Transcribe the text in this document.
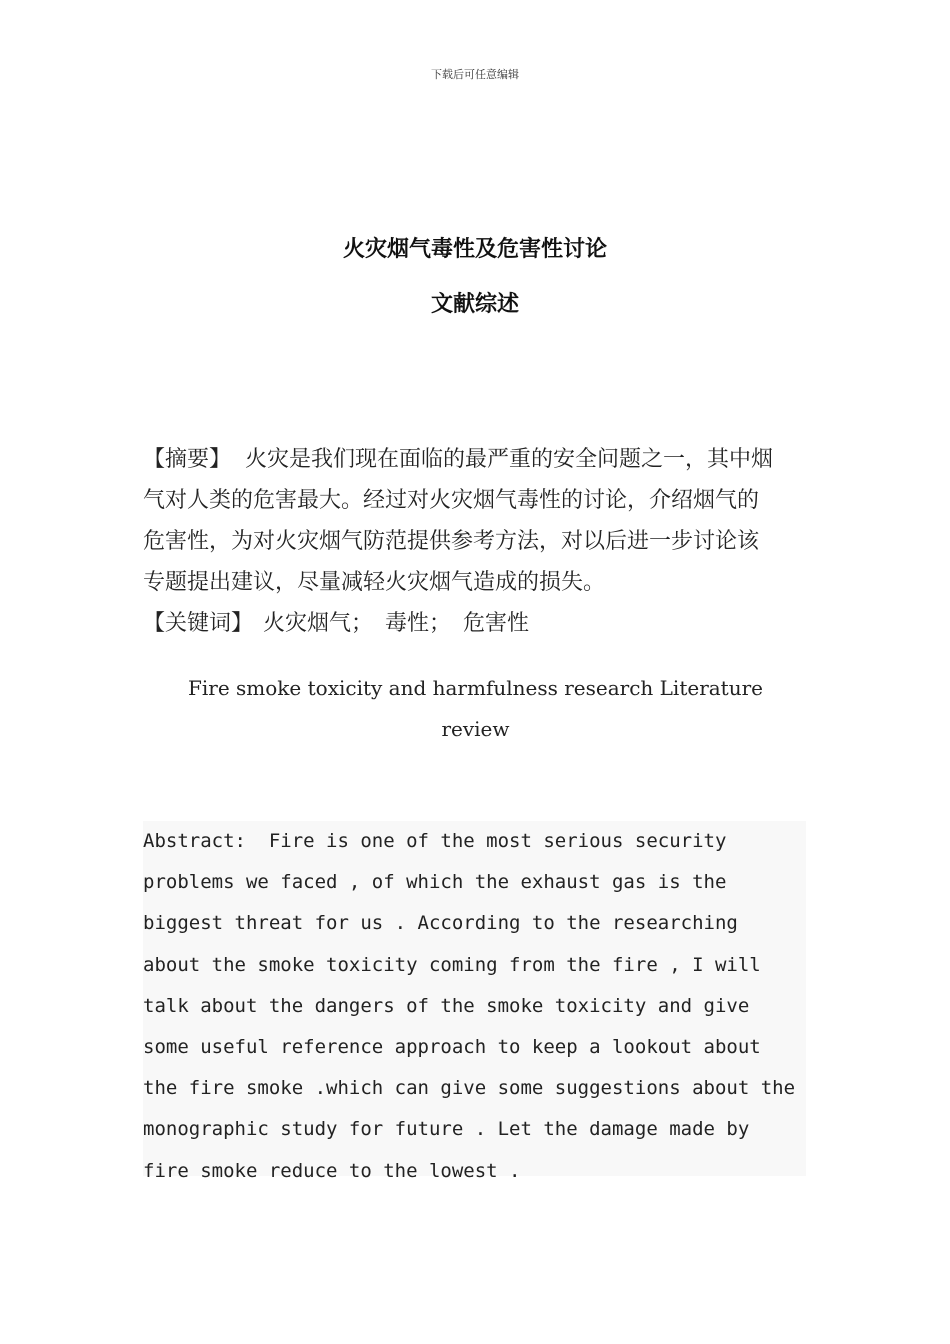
下载后可任意编辑
火灾烟气毒性及危害性讨论
文献综述
【摘要】 火灾是我们现在面临的最严重的安全问题之一，其中烟
气对人类的危害最大。经过对火灾烟气毒性的讨论，介绍烟气的
危害性，为对火灾烟气防范提供参考方法，对以后进一步讨论该
专题提出建议，尽量减轻火灾烟气造成的损失。
【关键词】 火灾烟气； 毒性； 危害性
Fire smoke toxicity and harmfulness research Literature
review

Abstract:  Fire is one of the most serious security

problems we faced , of which the exhaust gas is the

biggest threat for us . According to the researching

about the smoke toxicity coming from the fire , I will

talk about the dangers of the smoke toxicity and give

some useful reference approach to keep a lookout about

the fire smoke .which can give some suggestions about the

monographic study for future . Let the damage made by

fire smoke reduce to the lowest .
